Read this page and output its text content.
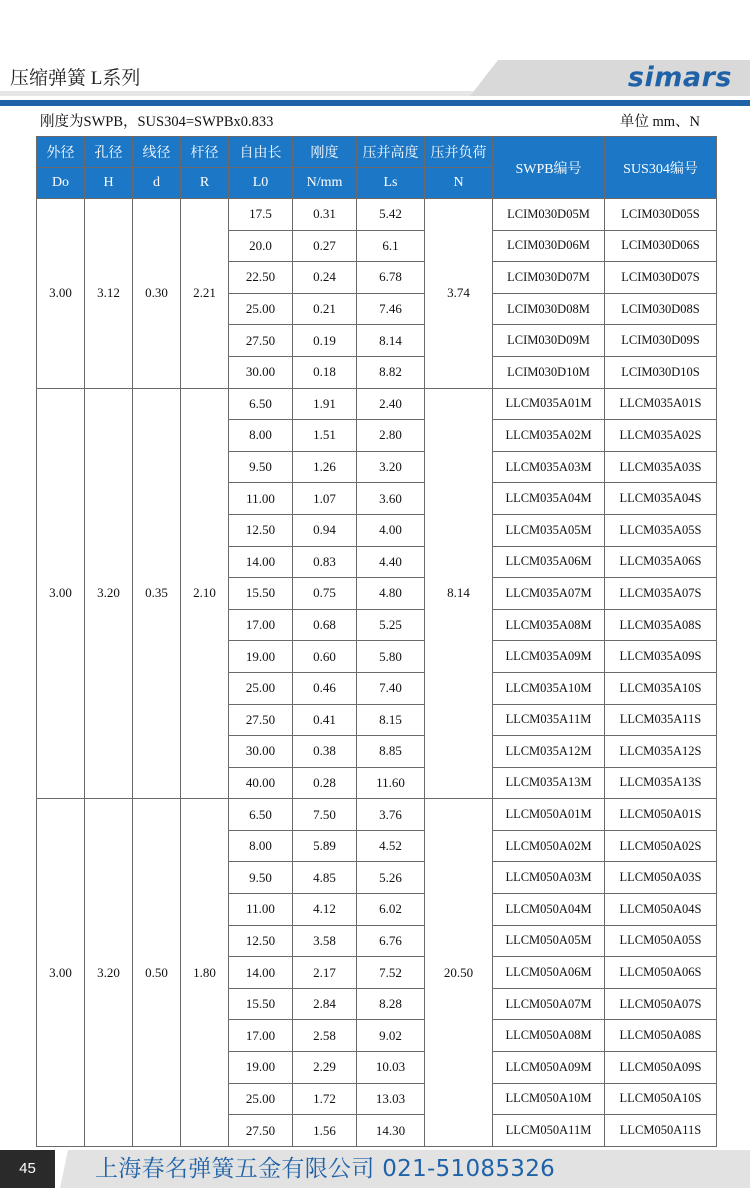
压缩弹簧 L系列	simars
刚度为SWPB，SUS304=SWPBx0.833	单位 mm、N
外径	孔径	线径	杆径	自由长	刚度	压并高度	压并负荷	SWPB编号	SUS304编号
Do	H	d	R	L0	N/mm	Ls	N		
3.00	3.12	0.30	2.21	17.5	0.31	5.42	3.74	LCIM030D05M	LCIM030D05S
				20.0	0.27	6.1		LCIM030D06M	LCIM030D06S
				22.50	0.24	6.78		LCIM030D07M	LCIM030D07S
				25.00	0.21	7.46		LCIM030D08M	LCIM030D08S
				27.50	0.19	8.14		LCIM030D09M	LCIM030D09S
				30.00	0.18	8.82		LCIM030D10M	LCIM030D10S
3.00	3.20	0.35	2.10	6.50	1.91	2.40	8.14	LLCM035A01M	LLCM035A01S
				8.00	1.51	2.80		LLCM035A02M	LLCM035A02S
				9.50	1.26	3.20		LLCM035A03M	LLCM035A03S
				11.00	1.07	3.60		LLCM035A04M	LLCM035A04S
				12.50	0.94	4.00		LLCM035A05M	LLCM035A05S
				14.00	0.83	4.40		LLCM035A06M	LLCM035A06S
				15.50	0.75	4.80		LLCM035A07M	LLCM035A07S
				17.00	0.68	5.25		LLCM035A08M	LLCM035A08S
				19.00	0.60	5.80		LLCM035A09M	LLCM035A09S
				25.00	0.46	7.40		LLCM035A10M	LLCM035A10S
				27.50	0.41	8.15		LLCM035A11M	LLCM035A11S
				30.00	0.38	8.85		LLCM035A12M	LLCM035A12S
				40.00	0.28	11.60		LLCM035A13M	LLCM035A13S
3.00	3.20	0.50	1.80	6.50	7.50	3.76	20.50	LLCM050A01M	LLCM050A01S
				8.00	5.89	4.52		LLCM050A02M	LLCM050A02S
				9.50	4.85	5.26		LLCM050A03M	LLCM050A03S
				11.00	4.12	6.02		LLCM050A04M	LLCM050A04S
				12.50	3.58	6.76		LLCM050A05M	LLCM050A05S
				14.00	2.17	7.52		LLCM050A06M	LLCM050A06S
				15.50	2.84	8.28		LLCM050A07M	LLCM050A07S
				17.00	2.58	9.02		LLCM050A08M	LLCM050A08S
				19.00	2.29	10.03		LLCM050A09M	LLCM050A09S
				25.00	1.72	13.03		LLCM050A10M	LLCM050A10S
				27.50	1.56	14.30		LLCM050A11M	LLCM050A11S
45	上海春名弹簧五金有限公司 021-51085326
